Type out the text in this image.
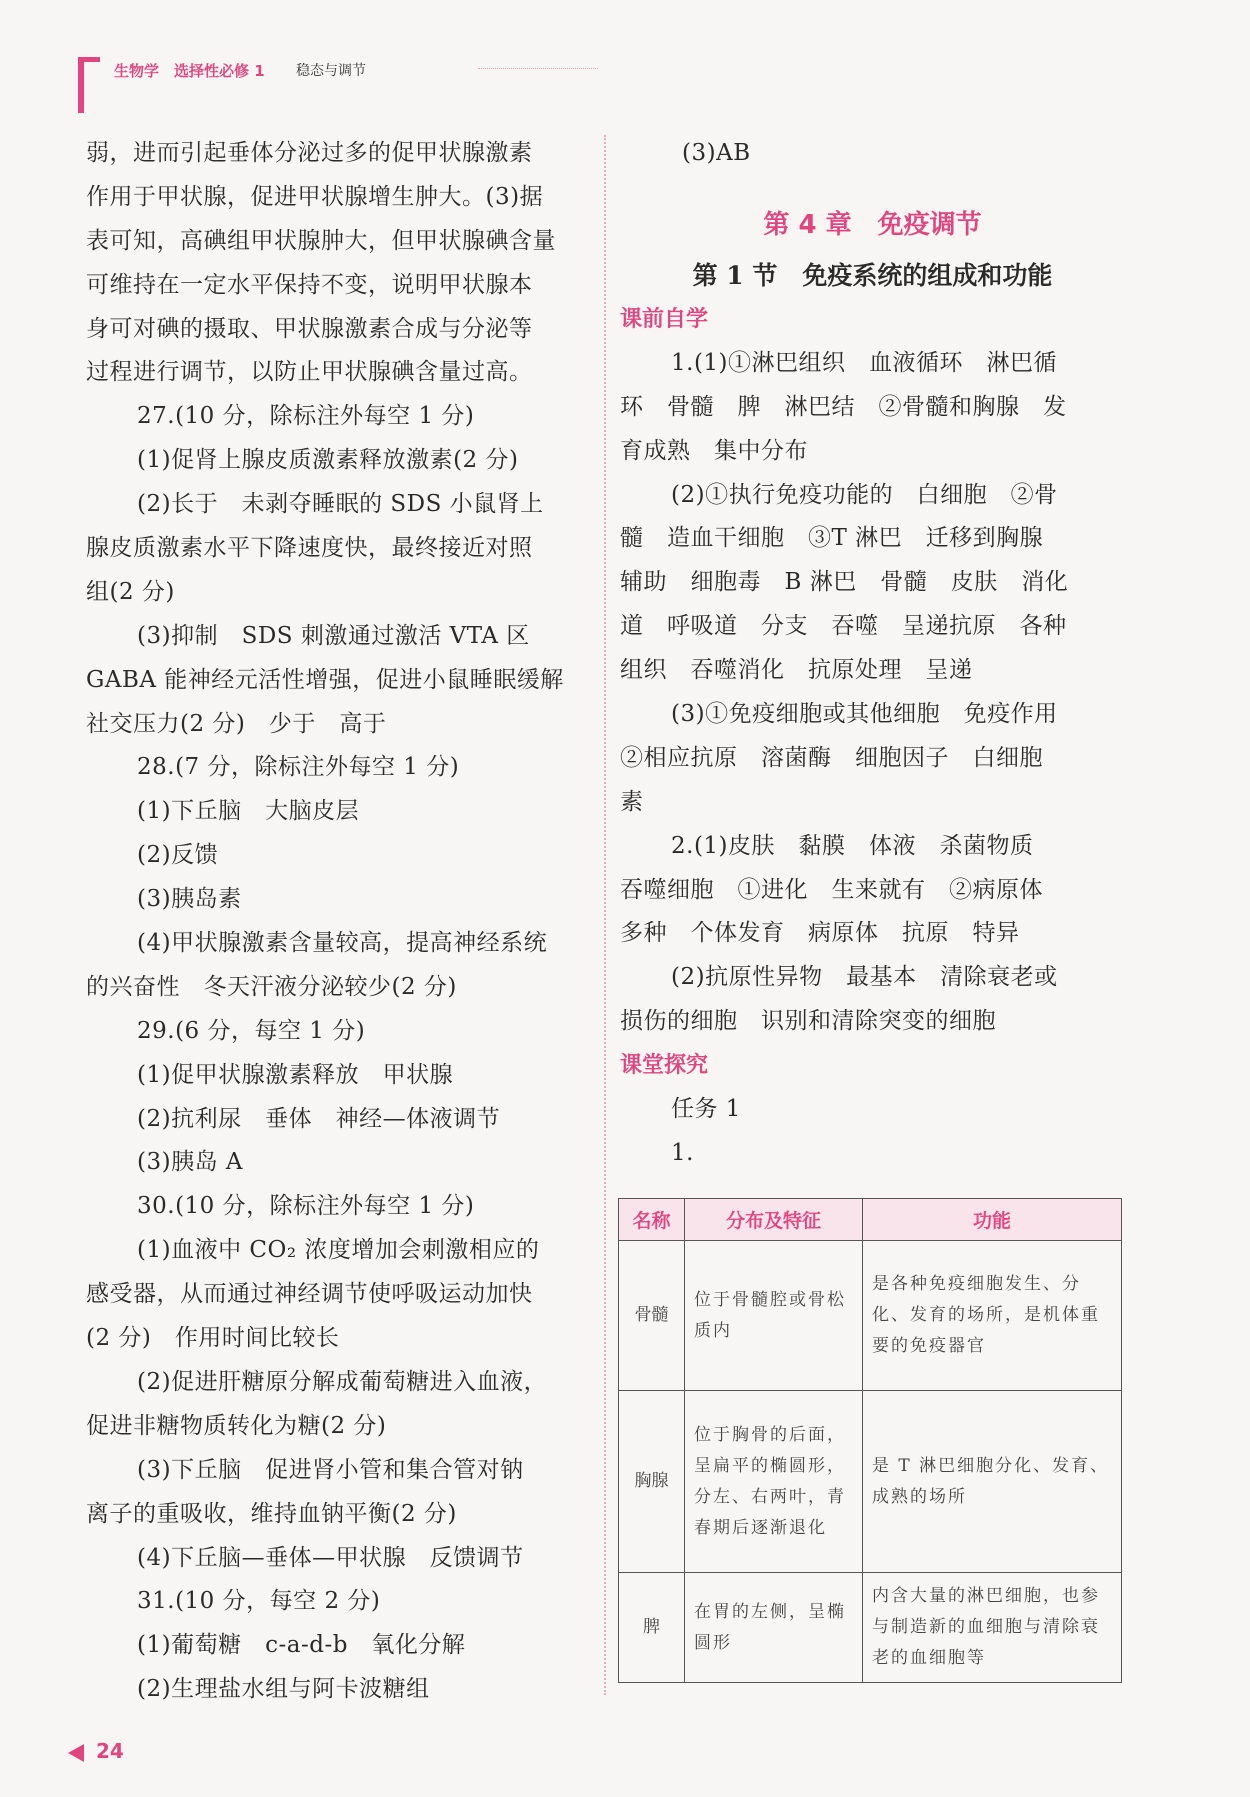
生物学　选择性必修 1 稳态与调节
弱，进而引起垂体分泌过多的促甲状腺激素
作用于甲状腺，促进甲状腺增生肿大。(3)据
表可知，高碘组甲状腺肿大，但甲状腺碘含量
可维持在一定水平保持不变，说明甲状腺本
身可对碘的摄取、甲状腺激素合成与分泌等
过程进行调节，以防止甲状腺碘含量过高。
27.(10 分，除标注外每空 1 分)
(1)促肾上腺皮质激素释放激素(2 分)
(2)长于　未剥夺睡眠的 SDS 小鼠肾上
腺皮质激素水平下降速度快，最终接近对照
组(2 分)
(3)抑制　SDS 刺激通过激活 VTA 区
GABA 能神经元活性增强，促进小鼠睡眠缓解
社交压力(2 分)　少于　高于
28.(7 分，除标注外每空 1 分)
(1)下丘脑　大脑皮层
(2)反馈
(3)胰岛素
(4)甲状腺激素含量较高，提高神经系统
的兴奋性　冬天汗液分泌较少(2 分)
29.(6 分，每空 1 分)
(1)促甲状腺激素释放　甲状腺
(2)抗利尿　垂体　神经—体液调节
(3)胰岛 A
30.(10 分，除标注外每空 1 分)
(1)血液中 CO₂ 浓度增加会刺激相应的
感受器，从而通过神经调节使呼吸运动加快
(2 分)　作用时间比较长
(2)促进肝糖原分解成葡萄糖进入血液，
促进非糖物质转化为糖(2 分)
(3)下丘脑　促进肾小管和集合管对钠
离子的重吸收，维持血钠平衡(2 分)
(4)下丘脑—垂体—甲状腺　反馈调节
31.(10 分，每空 2 分)
(1)葡萄糖　c-a-d-b　氧化分解
(2)生理盐水组与阿卡波糖组
(3)AB
第 4 章　免疫调节
第 1 节　免疫系统的组成和功能
课前自学
1.(1)①淋巴组织　血液循环　淋巴循
环　骨髓　脾　淋巴结　②骨髓和胸腺　发
育成熟　集中分布
(2)①执行免疫功能的　白细胞　②骨
髓　造血干细胞　③T 淋巴　迁移到胸腺
辅助　细胞毒　B 淋巴　骨髓　皮肤　消化
道　呼吸道　分支　吞噬　呈递抗原　各种
组织　吞噬消化　抗原处理　呈递
(3)①免疫细胞或其他细胞　免疫作用
②相应抗原　溶菌酶　细胞因子　白细胞
素
2.(1)皮肤　黏膜　体液　杀菌物质
吞噬细胞　①进化　生来就有　②病原体
多种　个体发育　病原体　抗原　特异
(2)抗原性异物　最基本　清除衰老或
损伤的细胞　识别和清除突变的细胞
课堂探究
任务 1
1.
名称	分布及特征	功能
骨髓	位于骨髓腔或骨松质内	是各种免疫细胞发生、分化、发育的场所，是机体重要的免疫器官
胸腺	位于胸骨的后面，呈扁平的椭圆形，分左、右两叶，青春期后逐渐退化	是 T 淋巴细胞分化、发育、成熟的场所
脾	在胃的左侧，呈椭圆形	内含大量的淋巴细胞，也参与制造新的血细胞与清除衰老的血细胞等
24
